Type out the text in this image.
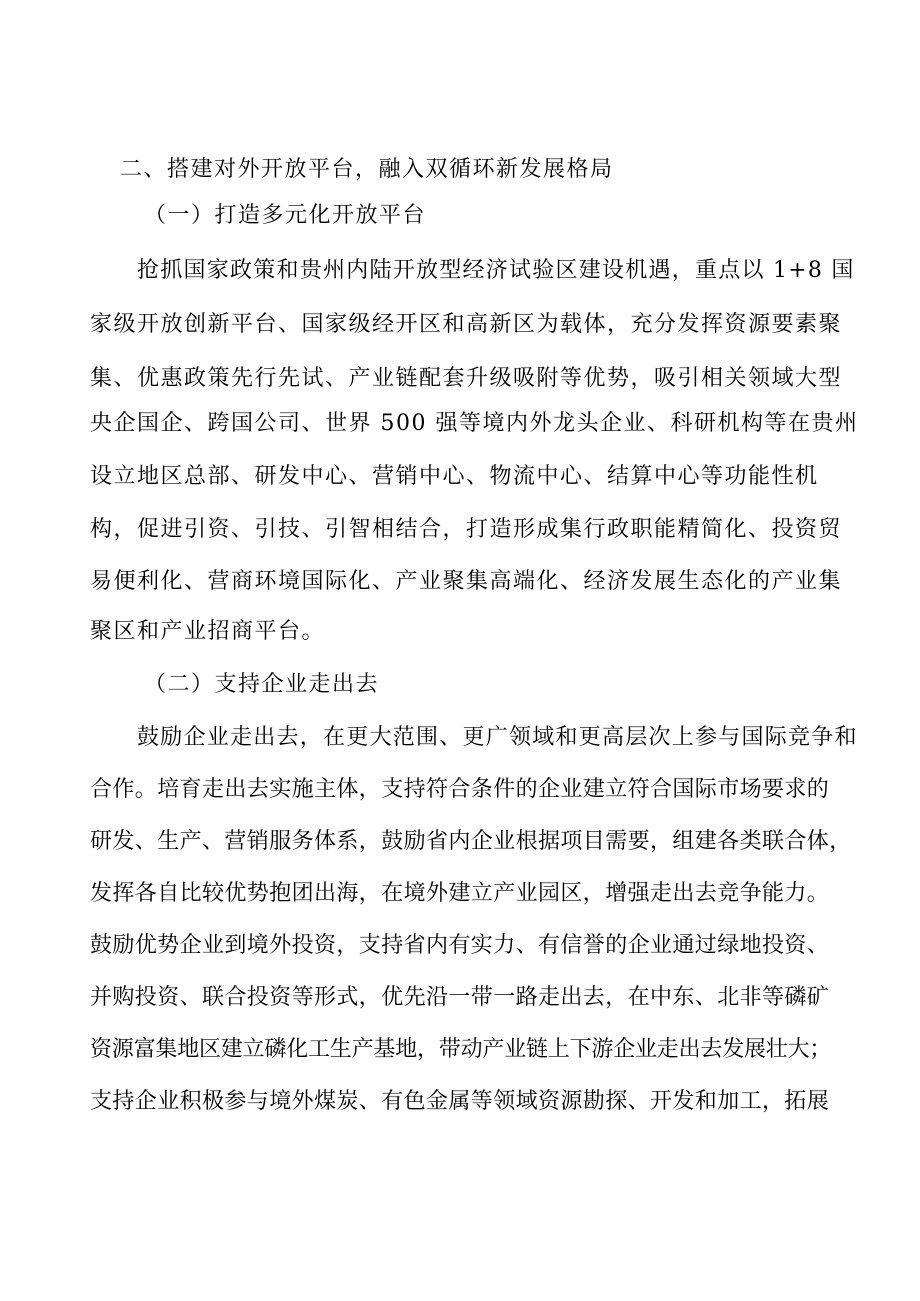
二、搭建对外开放平台，融入双循环新发展格局
（一）打造多元化开放平台
抢抓国家政策和贵州内陆开放型经济试验区建设机遇，重点以 1+8 国
家级开放创新平台、国家级经开区和高新区为载体，充分发挥资源要素聚
集、优惠政策先行先试、产业链配套升级吸附等优势，吸引相关领域大型
央企国企、跨国公司、世界 500 强等境内外龙头企业、科研机构等在贵州
设立地区总部、研发中心、营销中心、物流中心、结算中心等功能性机
构，促进引资、引技、引智相结合，打造形成集行政职能精简化、投资贸
易便利化、营商环境国际化、产业聚集高端化、经济发展生态化的产业集
聚区和产业招商平台。
（二）支持企业走出去
鼓励企业走出去，在更大范围、更广领域和更高层次上参与国际竞争和
合作。培育走出去实施主体，支持符合条件的企业建立符合国际市场要求的
研发、生产、营销服务体系，鼓励省内企业根据项目需要，组建各类联合体，
发挥各自比较优势抱团出海，在境外建立产业园区，增强走出去竞争能力。
鼓励优势企业到境外投资，支持省内有实力、有信誉的企业通过绿地投资、
并购投资、联合投资等形式，优先沿一带一路走出去，在中东、北非等磷矿
资源富集地区建立磷化工生产基地，带动产业链上下游企业走出去发展壮大；
支持企业积极参与境外煤炭、有色金属等领域资源勘探、开发和加工，拓展
